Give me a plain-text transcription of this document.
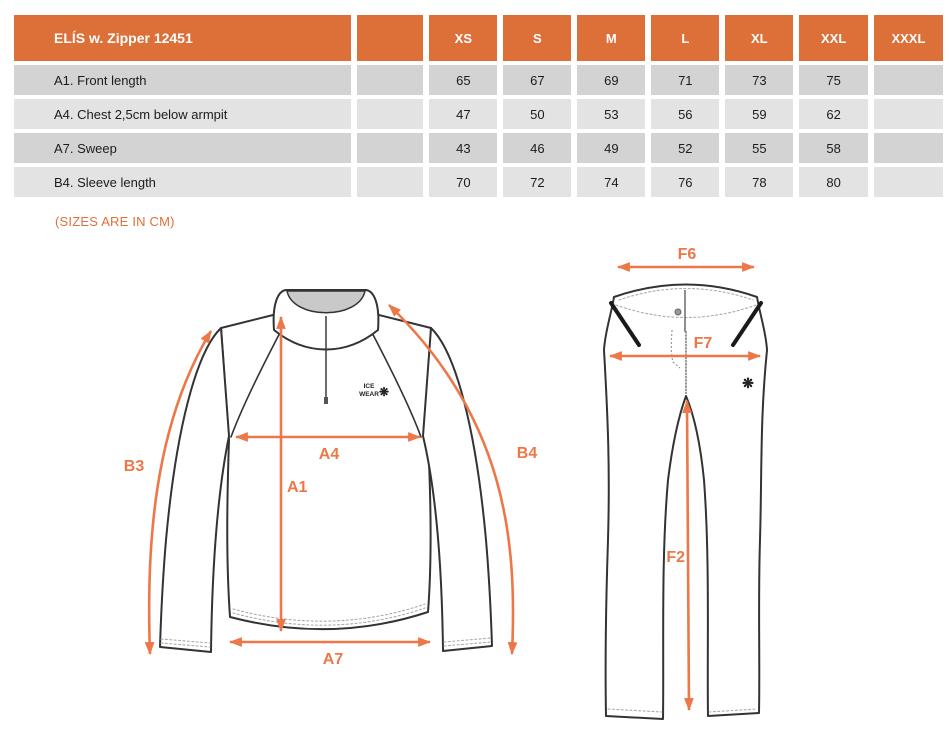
ELÍS w. Zipper 12451		XS	S	M	L	XL	XXL	XXXL
A1. Front length		65	67	69	71	73	75	
A4. Chest 2,5cm below armpit		47	50	53	56	59	62	
A7. Sweep		43	46	49	52	55	58	
B4. Sleeve length		70	72	74	76	78	80	
(SIZES ARE IN CM)
ICE
WEAR ❋
B3
A1
A4
A7
B4
❋
F6
F7
F2
